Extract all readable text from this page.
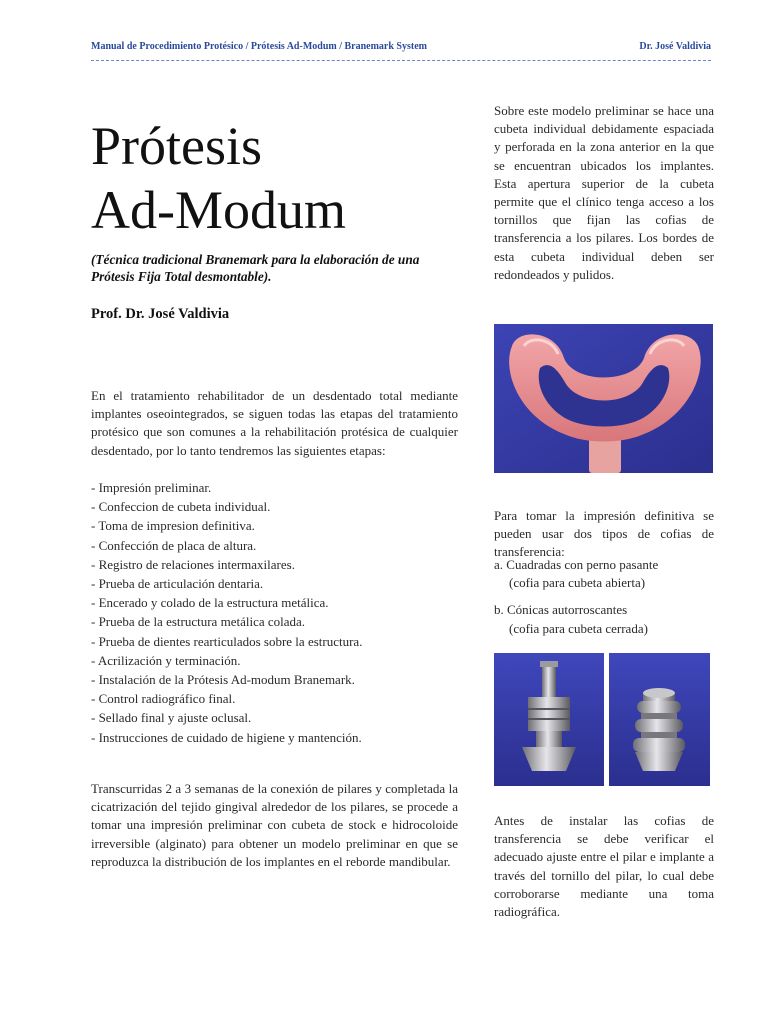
Manual de Procedimiento Protésico / Prótesis Ad-Modum / Branemark System	Dr. José Valdivia
Prótesis
Ad-Modum
(Técnica tradicional Branemark para la elaboración de una Prótesis Fija Total desmontable).
Prof. Dr. José Valdivia

En el tratamiento rehabilitador de un desdentado total mediante implantes oseointegrados, se siguen todas las etapas del tratamiento protésico que son comunes a la rehabilitación protésica de cualquier desdentado, por lo tanto tendremos las siguientes etapas:

- Impresión preliminar.
- Confeccion de cubeta individual.
- Toma de impresion definitiva.
- Confección de placa de altura.
- Registro de relaciones intermaxilares.
- Prueba de articulación dentaria.
- Encerado y colado de la estructura metálica.
- Prueba de la estructura metálica colada.
- Prueba de dientes rearticulados sobre la estructura.
- Acrilización y terminación.
- Instalación de la Prótesis Ad-modum Branemark.
- Control radiográfico final.
- Sellado final y ajuste oclusal.
- Instrucciones de cuidado de higiene y mantención.

Transcurridas 2 a 3 semanas de la conexión de pilares y completada la cicatrización del tejido gingival alrededor de los pilares, se procede a tomar una impresión preliminar con cubeta de stock e hidrocoloide irreversible (alginato) para obtener un modelo preliminar en que se reproduzca la distribución de los implantes en el reborde mandibular.

Sobre este modelo preliminar se hace una cubeta individual debidamente espaciada y perforada en la zona anterior en la que se encuentran ubicados los implantes. Esta apertura superior de la cubeta permite que el clínico tenga acceso a los tornillos que fijan las cofias de transferencia a los pilares. Los bordes de esta cubeta individual deben ser redondeados y pulidos.

Para tomar la impresión definitiva se pueden usar dos tipos de cofias de transferencia:

a. Cuadradas con perno pasante
(cofia para cubeta abierta)
b. Cónicas autorroscantes
(cofia para cubeta cerrada)

Antes de instalar las cofias de transferencia se debe verificar el adecuado ajuste entre el pilar e implante a través del tornillo del pilar, lo cual debe corroborarse mediante una toma radiográfica.
